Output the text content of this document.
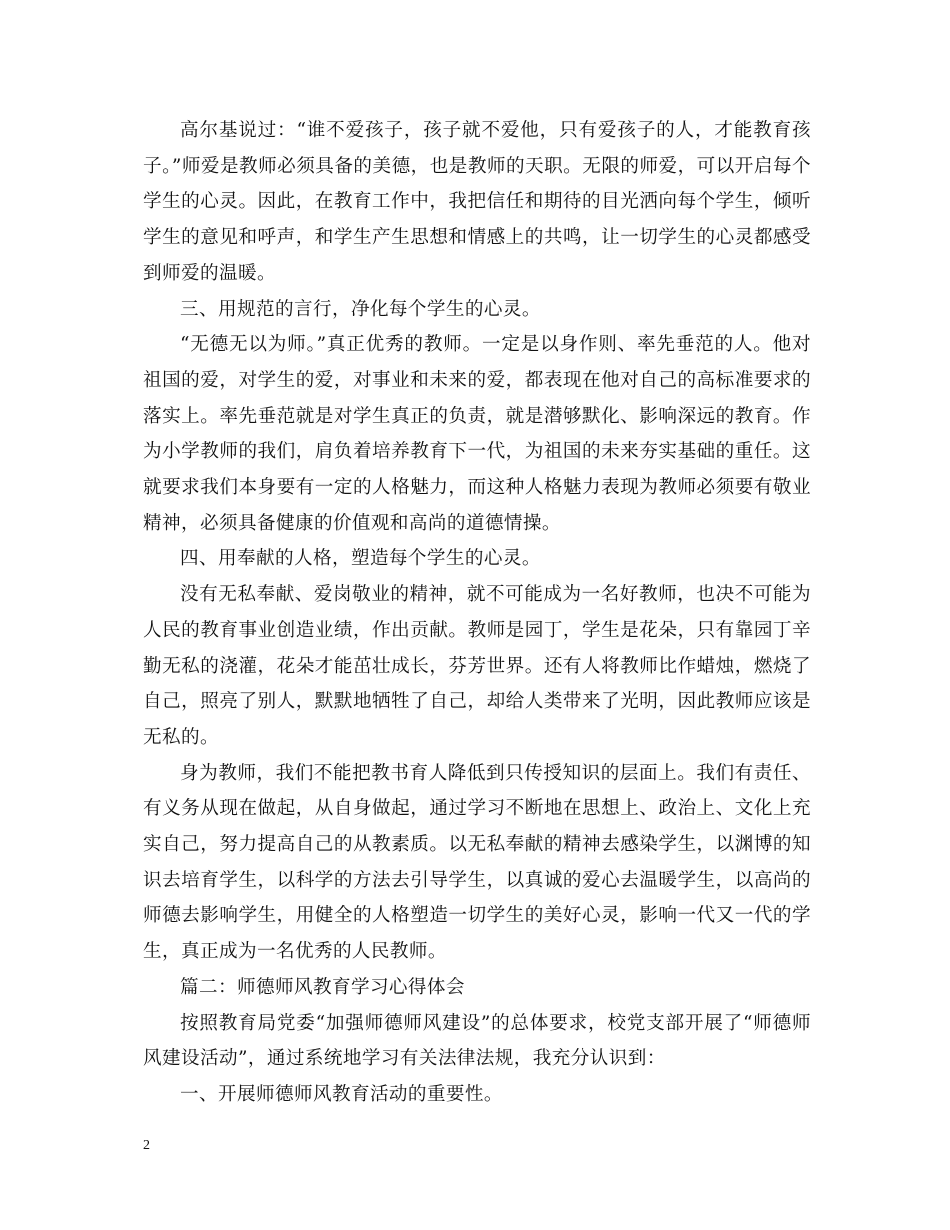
高尔基说过：“谁不爱孩子，孩子就不爱他，只有爱孩子的人，才能教育孩子。”师爱是教师必须具备的美德，也是教师的天职。无限的师爱，可以开启每个学生的心灵。因此，在教育工作中，我把信任和期待的目光洒向每个学生，倾听学生的意见和呼声，和学生产生思想和情感上的共鸣，让一切学生的心灵都感受到师爱的温暖。

三、用规范的言行，净化每个学生的心灵。

“无德无以为师。”真正优秀的教师。一定是以身作则、率先垂范的人。他对祖国的爱，对学生的爱，对事业和未来的爱，都表现在他对自己的高标准要求的落实上。率先垂范就是对学生真正的负责，就是潜够默化、影响深远的教育。作为小学教师的我们，肩负着培养教育下一代，为祖国的未来夯实基础的重任。这就要求我们本身要有一定的人格魅力，而这种人格魅力表现为教师必须要有敬业精神，必须具备健康的价值观和高尚的道德情操。

四、用奉献的人格，塑造每个学生的心灵。

没有无私奉献、爱岗敬业的精神，就不可能成为一名好教师，也决不可能为人民的教育事业创造业绩，作出贡献。教师是园丁，学生是花朵，只有靠园丁辛勤无私的浇灌，花朵才能茁壮成长，芬芳世界。还有人将教师比作蜡烛，燃烧了自己，照亮了别人，默默地牺牲了自己，却给人类带来了光明，因此教师应该是无私的。

身为教师，我们不能把教书育人降低到只传授知识的层面上。我们有责任、有义务从现在做起，从自身做起，通过学习不断地在思想上、政治上、文化上充实自己，努力提高自己的从教素质。以无私奉献的精神去感染学生，以渊博的知识去培育学生，以科学的方法去引导学生，以真诚的爱心去温暖学生，以高尚的师德去影响学生，用健全的人格塑造一切学生的美好心灵，影响一代又一代的学生，真正成为一名优秀的人民教师。

篇二：师德师风教育学习心得体会

按照教育局党委“加强师德师风建设”的总体要求，校党支部开展了“师德师风建设活动”，通过系统地学习有关法律法规，我充分认识到：

一、开展师德师风教育活动的重要性。

2
